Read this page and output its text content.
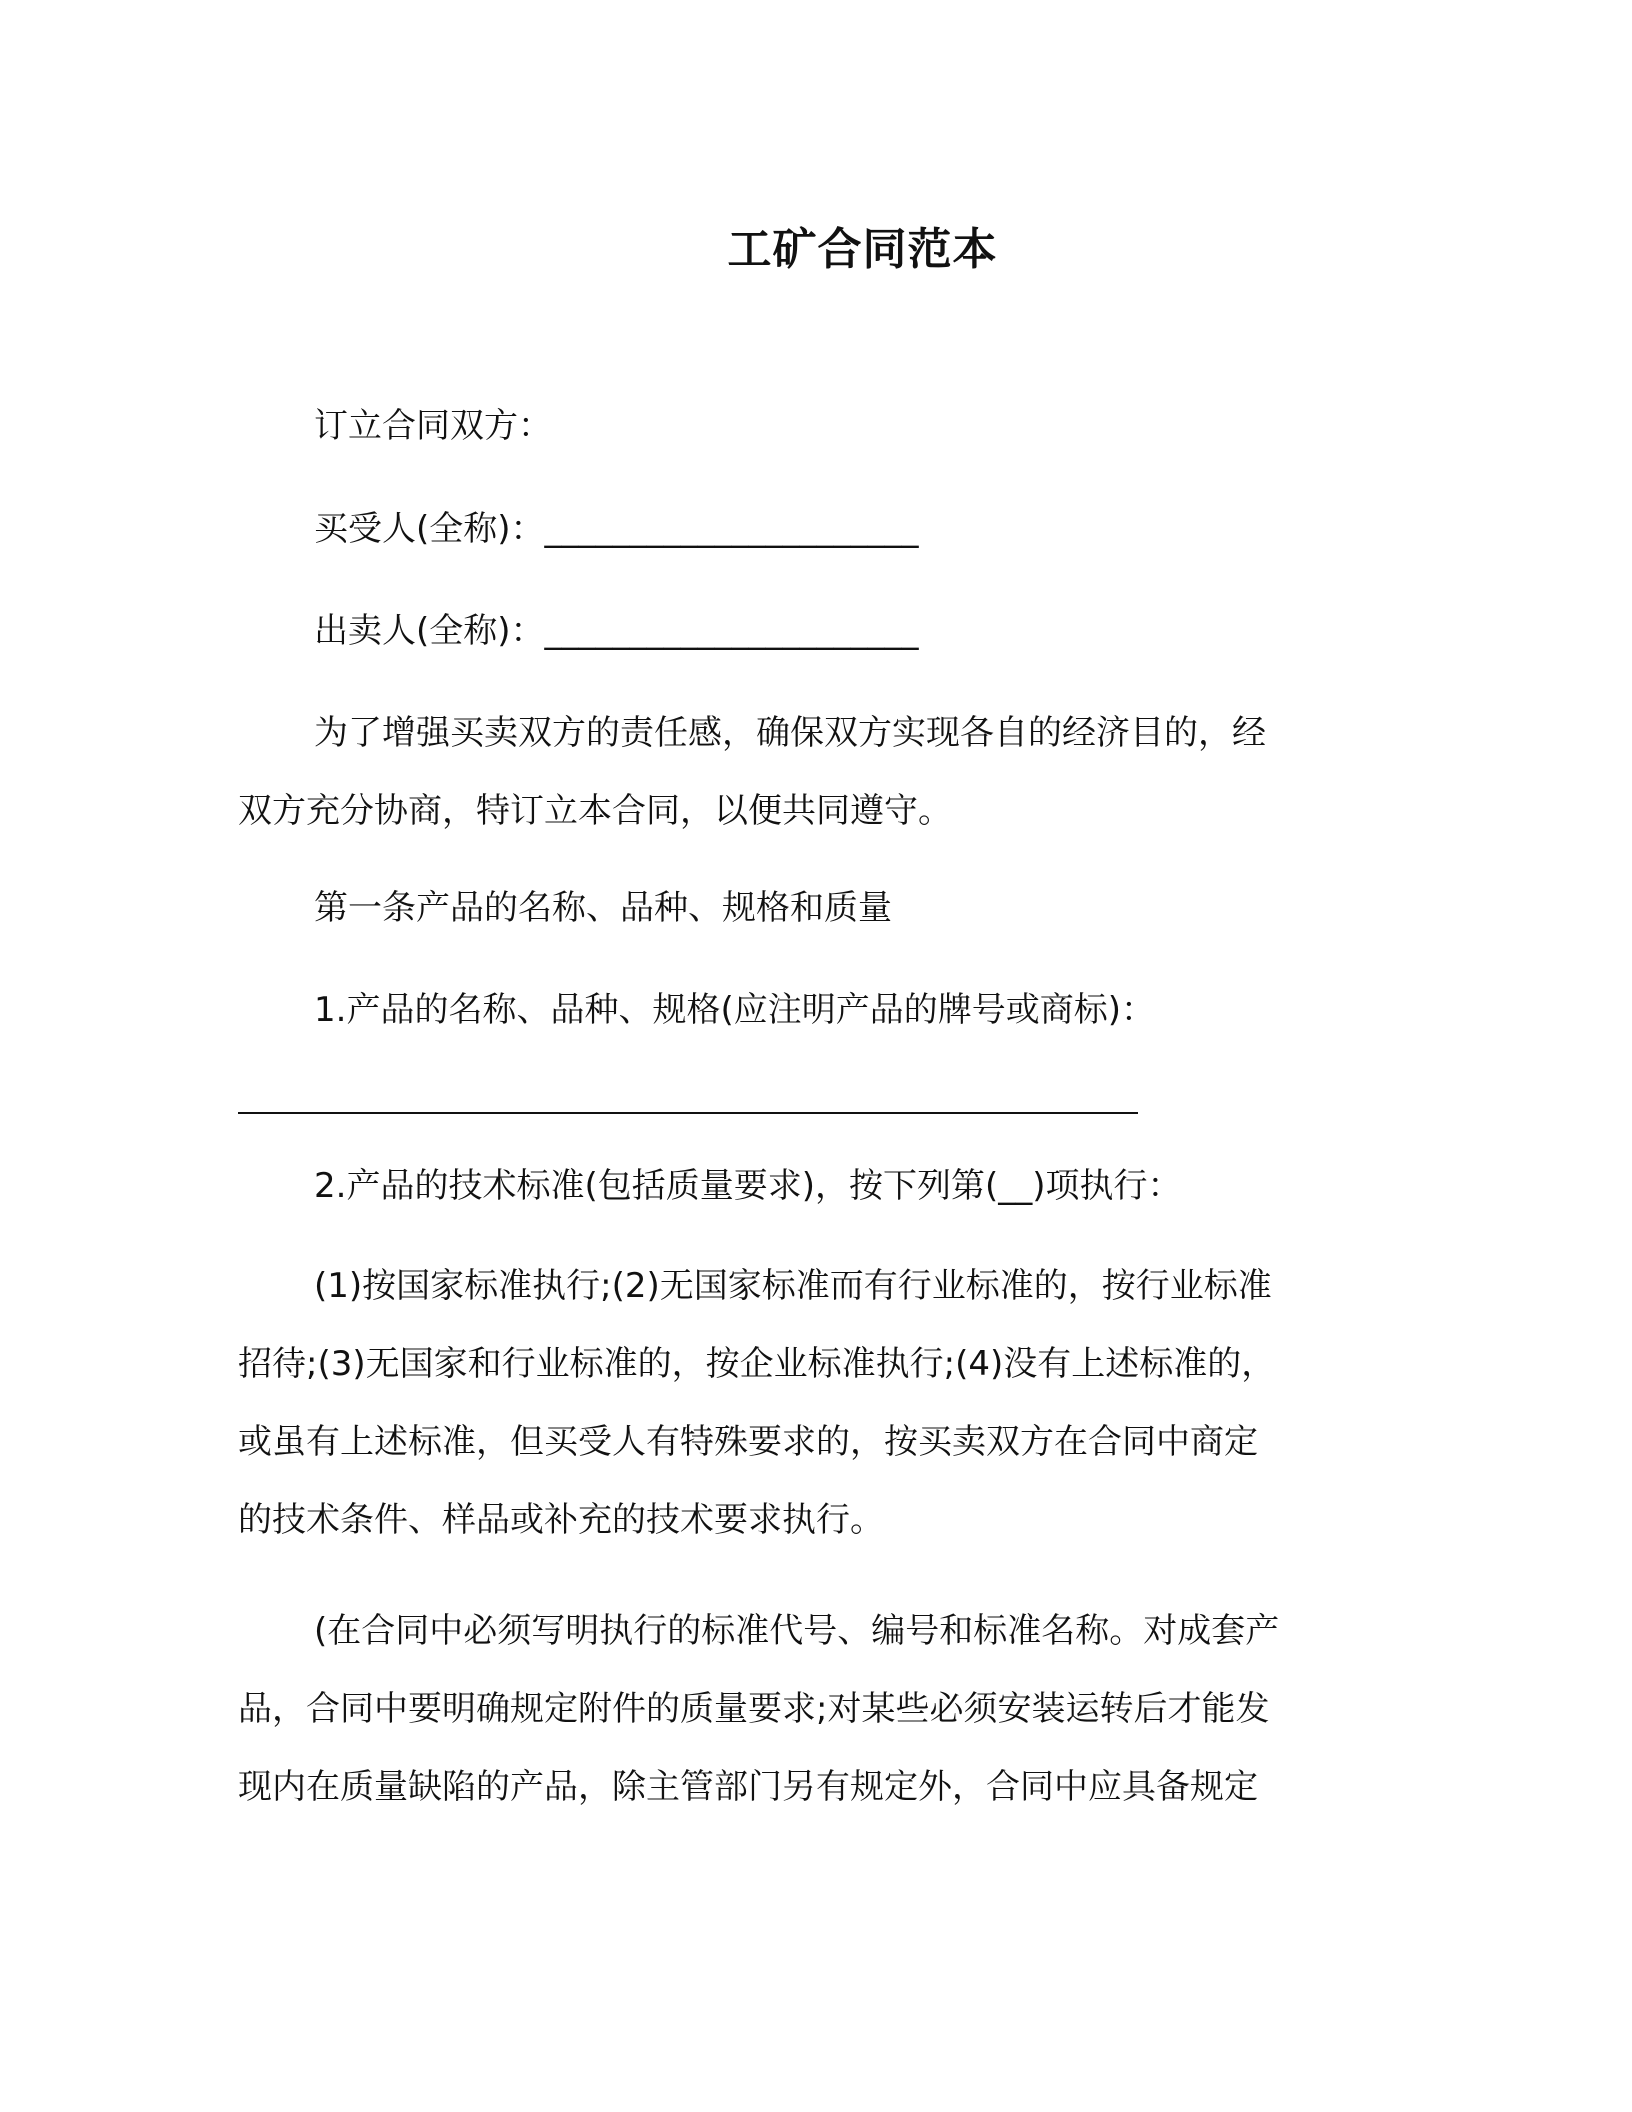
工矿合同范本
订立合同双方：
买受人(全称)：______________________
出卖人(全称)：______________________
为了增强买卖双方的责任感，确保双方实现各自的经济目的，经
双方充分协商，特订立本合同，以便共同遵守。
第一条产品的名称、品种、规格和质量
1.产品的名称、品种、规格(应注明产品的牌号或商标)：
2.产品的技术标准(包括质量要求)，按下列第(__)项执行：
(1)按国家标准执行;(2)无国家标准而有行业标准的，按行业标准
招待;(3)无国家和行业标准的，按企业标准执行;(4)没有上述标准的，
或虽有上述标准，但买受人有特殊要求的，按买卖双方在合同中商定
的技术条件、样品或补充的技术要求执行。
(在合同中必须写明执行的标准代号、编号和标准名称。对成套产
品，合同中要明确规定附件的质量要求;对某些必须安装运转后才能发
现内在质量缺陷的产品，除主管部门另有规定外，合同中应具备规定
